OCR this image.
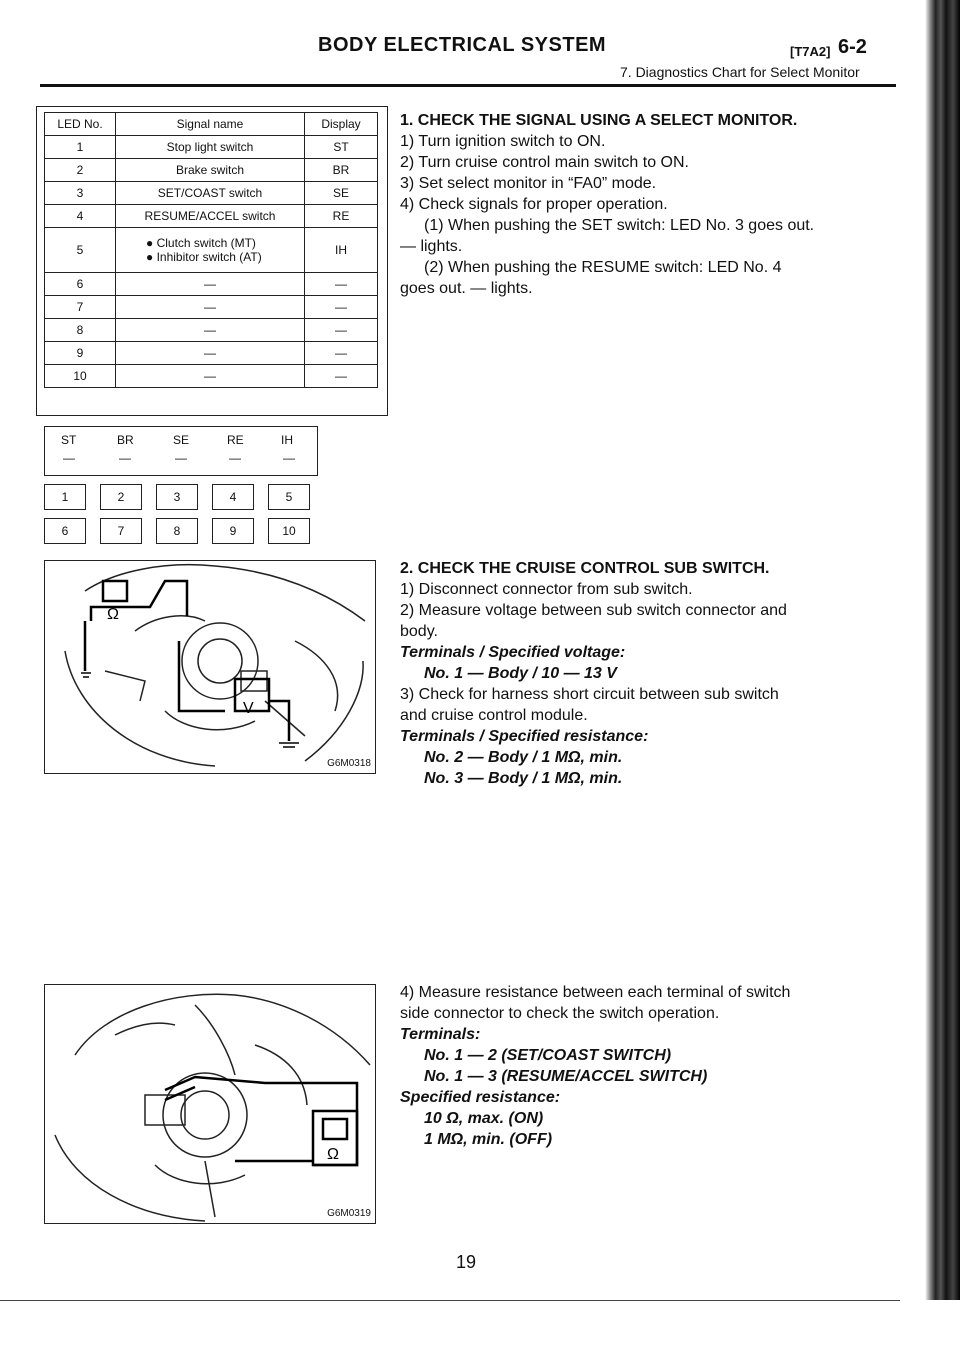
BODY ELECTRICAL SYSTEM	[T7A2] 6-2
7. Diagnostics Chart for Select Monitor
LED No.	Signal name	Display
1	Stop light switch	ST
2	Brake switch	BR
3	SET/COAST switch	SE
4	RESUME/ACCEL switch	RE
5	● Clutch switch (MT)
● Inhibitor switch (AT)	IH
6	—	—
7	—	—
8	—	—
9	—	—
10	—	—
ST	BR	SE	RE	IH
—	—	—	—	—
1	2	3	4	5
6	7	8	9	10
Ω
V
G6M0318
Ω
G6M0319
1. CHECK THE SIGNAL USING A SELECT MONITOR.
1) Turn ignition switch to ON.
2) Turn cruise control main switch to ON.
3) Set select monitor in “FA0” mode.
4) Check signals for proper operation.
(1) When pushing the SET switch: LED No. 3 goes out.
— lights.
(2) When pushing the RESUME switch: LED No. 4
goes out. — lights.
2. CHECK THE CRUISE CONTROL SUB SWITCH.
1) Disconnect connector from sub switch.
2) Measure voltage between sub switch connector and
body.
Terminals / Specified voltage:
No. 1 — Body / 10 — 13 V
3) Check for harness short circuit between sub switch
and cruise control module.
Terminals / Specified resistance:
No. 2 — Body / 1 MΩ, min.
No. 3 — Body / 1 MΩ, min.
4) Measure resistance between each terminal of switch
side connector to check the switch operation.
Terminals:
No. 1 — 2 (SET/COAST SWITCH)
No. 1 — 3 (RESUME/ACCEL SWITCH)
Specified resistance:
10 Ω, max. (ON)
1 MΩ, min. (OFF)
19
